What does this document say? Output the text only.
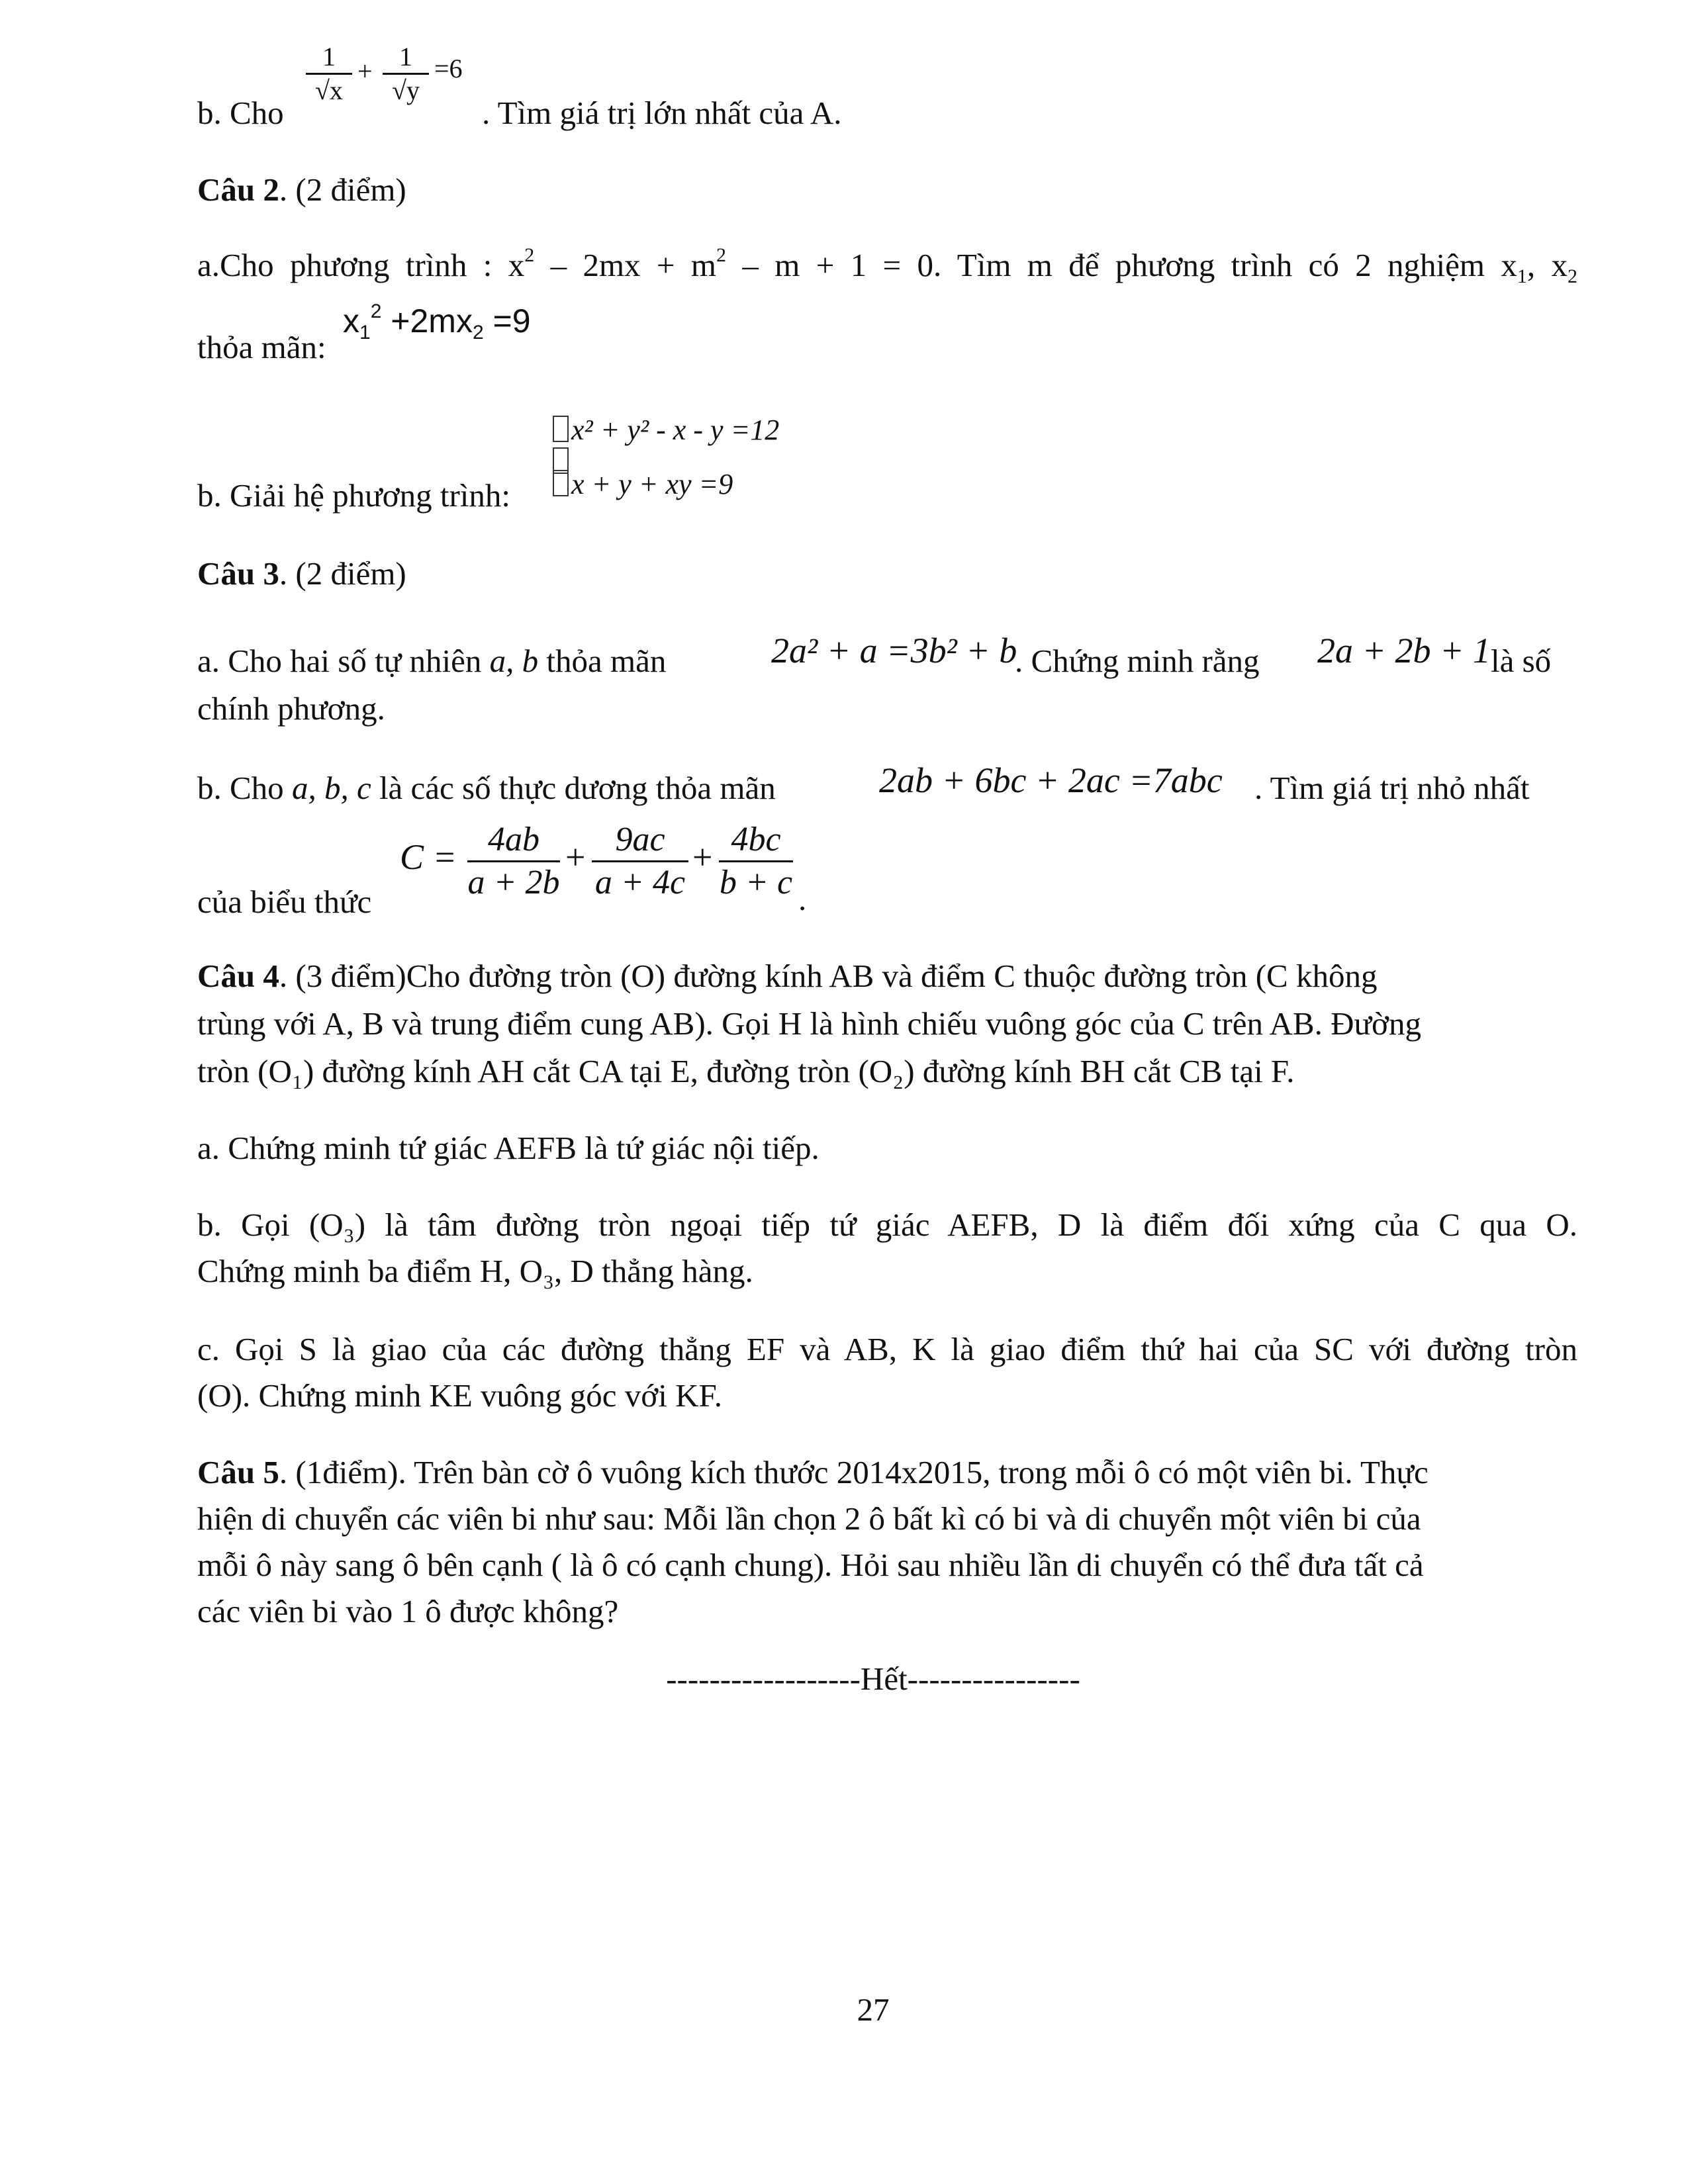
b. Cho
1
√x
+	1
√y
=6
. Tìm giá trị lớn nhất của A.
Câu 2. (2 điểm)
a.Cho phương trình : $x^2 - 2mx + m^2 - m + 1 = 0$. Tìm m để phương trình có 2 nghiệm $x_1$, $x_2$
thỏa mãn:
$x_1^2 +2mx_2 =9$
x² + y² - x - y =12
x + y + xy =9
b. Giải hệ phương trình:
Câu 3. (2 điểm)
a. Cho hai số tự nhiên a, b thỏa mãn	2a² + a =3b² + b
. Chứng minh rằng 2a + 2b + 1 là số
chính phương.
b. Cho a, b, c là các số thực dương thỏa mãn	2ab + 6bc + 2ac =7abc . Tìm giá trị nhỏ nhất
của biểu thức
C = 4ab
a + 2b
+ 9ac
a + 4c
+ 4bc
b + c .
Câu 4. (3 điểm)Cho đường tròn (O) đường kính AB và điểm C thuộc đường tròn (C không
trùng với A, B và trung điểm cung AB). Gọi H là hình chiếu vuông góc của C trên AB. Đường
tròn (O₁) đường kính AH cắt CA tại E, đường tròn (O₂) đường kính BH cắt CB tại F.
a. Chứng minh tứ giác AEFB là tứ giác nội tiếp.
b. Gọi (O₃) là tâm đường tròn ngoại tiếp tứ giác AEFB, D là điểm đối xứng của C qua O.
Chứng minh ba điểm H, O₃, D thẳng hàng.
c. Gọi S là giao của các đường thẳng EF và AB, K là giao điểm thứ hai của SC với đường tròn
(O). Chứng minh KE vuông góc với KF.
Câu 5. (1điểm). Trên bàn cờ ô vuông kích thước 2014x2015, trong mỗi ô có một viên bi. Thực
hiện di chuyển các viên bi như sau: Mỗi lần chọn 2 ô bất kì có bi và di chuyển một viên bi của
mỗi ô này sang ô bên cạnh ( là ô có cạnh chung). Hỏi sau nhiều lần di chuyển có thể đưa tất cả
các viên bi vào 1 ô được không?
------------------Hết----------------
27
